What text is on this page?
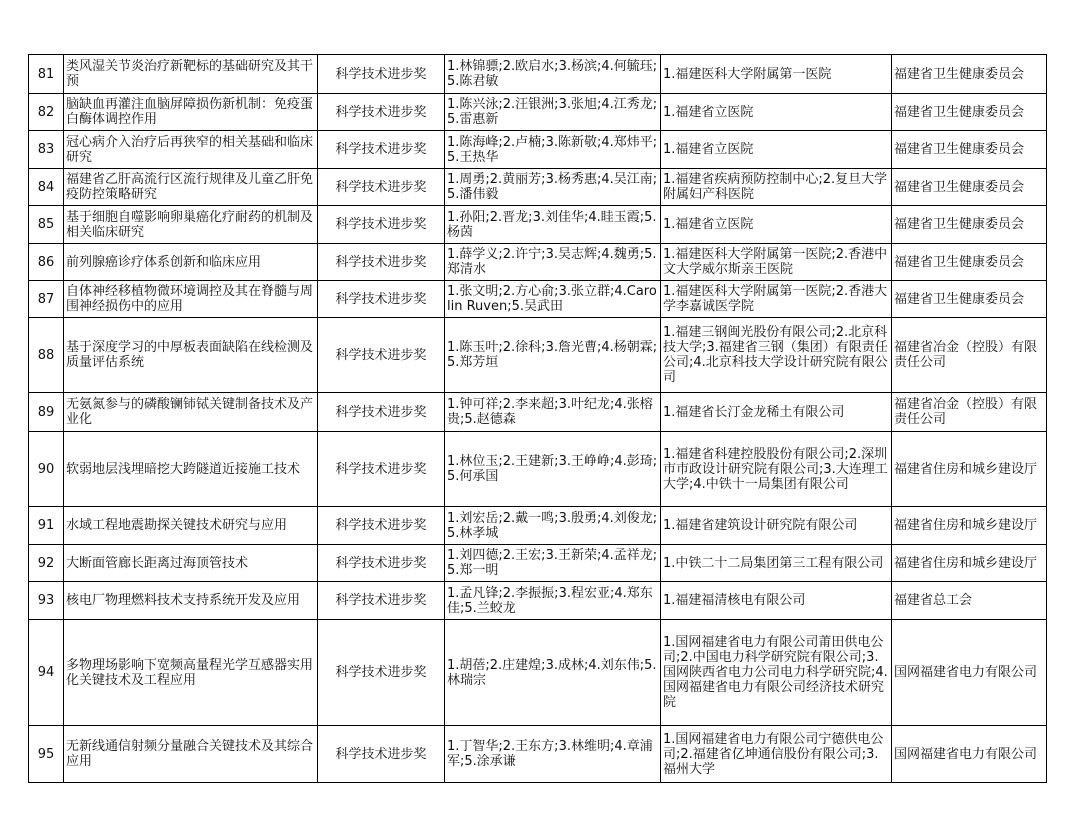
81	类风湿关节炎治疗新靶标的基础研究及其干预	科学技术进步奖	1.林锦骠;2.欧启水;3.杨滨;4.何毓珏;5.陈君敏	1.福建医科大学附属第一医院	福建省卫生健康委员会
82	脑缺血再灌注血脑屏障损伤新机制：免疫蛋白酶体调控作用	科学技术进步奖	1.陈兴泳;2.汪银洲;3.张旭;4.江秀龙;5.雷惠新	1.福建省立医院	福建省卫生健康委员会
83	冠心病介入治疗后再狭窄的相关基础和临床研究	科学技术进步奖	1.陈海峰;2.卢楠;3.陈新敬;4.郑炜平;5.王热华	1.福建省立医院	福建省卫生健康委员会
84	福建省乙肝高流行区流行规律及儿童乙肝免疫防控策略研究	科学技术进步奖	1.周勇;2.黄丽芳;3.杨秀惠;4.吴江南;5.潘伟毅	1.福建省疾病预防控制中心;2.复旦大学附属妇产科医院	福建省卫生健康委员会
85	基于细胞自噬影响卵巢癌化疗耐药的机制及相关临床研究	科学技术进步奖	1.孙阳;2.晋龙;3.刘佳华;4.眭玉霞;5.杨茵	1.福建省立医院	福建省卫生健康委员会
86	前列腺癌诊疗体系创新和临床应用	科学技术进步奖	1.薛学义;2.许宁;3.吴志辉;4.魏勇;5.郑清水	1.福建医科大学附属第一医院;2.香港中文大学威尔斯亲王医院	福建省卫生健康委员会
87	自体神经移植物微环境调控及其在脊髓与周围神经损伤中的应用	科学技术进步奖	1.张文明;2.方心俞;3.张立群;4.Carolin Ruven;5.吴武田	1.福建医科大学附属第一医院;2.香港大学李嘉诚医学院	福建省卫生健康委员会
88	基于深度学习的中厚板表面缺陷在线检测及质量评估系统	科学技术进步奖	1.陈玉叶;2.徐科;3.詹光曹;4.杨朝霖;5.郑芳垣	1.福建三钢闽光股份有限公司;2.北京科技大学;3.福建省三钢（集团）有限责任公司;4.北京科技大学设计研究院有限公司	福建省冶金（控股）有限责任公司
89	无氨氮参与的磷酸镧铈铽关键制备技术及产业化	科学技术进步奖	1.钟可祥;2.李来超;3.叶纪龙;4.张榕贵;5.赵德森	1.福建省长汀金龙稀土有限公司	福建省冶金（控股）有限责任公司
90	软弱地层浅埋暗挖大跨隧道近接施工技术	科学技术进步奖	1.林位玉;2.王建新;3.王峥峥;4.彭琦;5.何承国	1.福建省科建控股股份有限公司;2.深圳市市政设计研究院有限公司;3.大连理工大学;4.中铁十一局集团有限公司	福建省住房和城乡建设厅
91	水域工程地震勘探关键技术研究与应用	科学技术进步奖	1.刘宏岳;2.戴一鸣;3.殷勇;4.刘俊龙;5.林孝城	1.福建省建筑设计研究院有限公司	福建省住房和城乡建设厅
92	大断面管廊长距离过海顶管技术	科学技术进步奖	1.刘四德;2.王宏;3.王新荣;4.孟祥龙;5.郑一明	1.中铁二十二局集团第三工程有限公司	福建省住房和城乡建设厅
93	核电厂物理燃料技术支持系统开发及应用	科学技术进步奖	1.孟凡锋;2.李振振;3.程宏亚;4.郑东佳;5.兰蛟龙	1.福建福清核电有限公司	福建省总工会
94	多物理场影响下宽频高量程光学互感器实用化关键技术及工程应用	科学技术进步奖	1.胡蓓;2.庄建煌;3.成林;4.刘东伟;5.林瑞宗	1.国网福建省电力有限公司莆田供电公司;2.中国电力科学研究院有限公司;3.国网陕西省电力公司电力科学研究院;4.国网福建省电力有限公司经济技术研究院	国网福建省电力有限公司
95	无新线通信射频分量融合关键技术及其综合应用	科学技术进步奖	1.丁智华;2.王东方;3.林维明;4.章浦军;5.涂承谦	1.国网福建省电力有限公司宁德供电公司;2.福建省亿坤通信股份有限公司;3.福州大学	国网福建省电力有限公司
